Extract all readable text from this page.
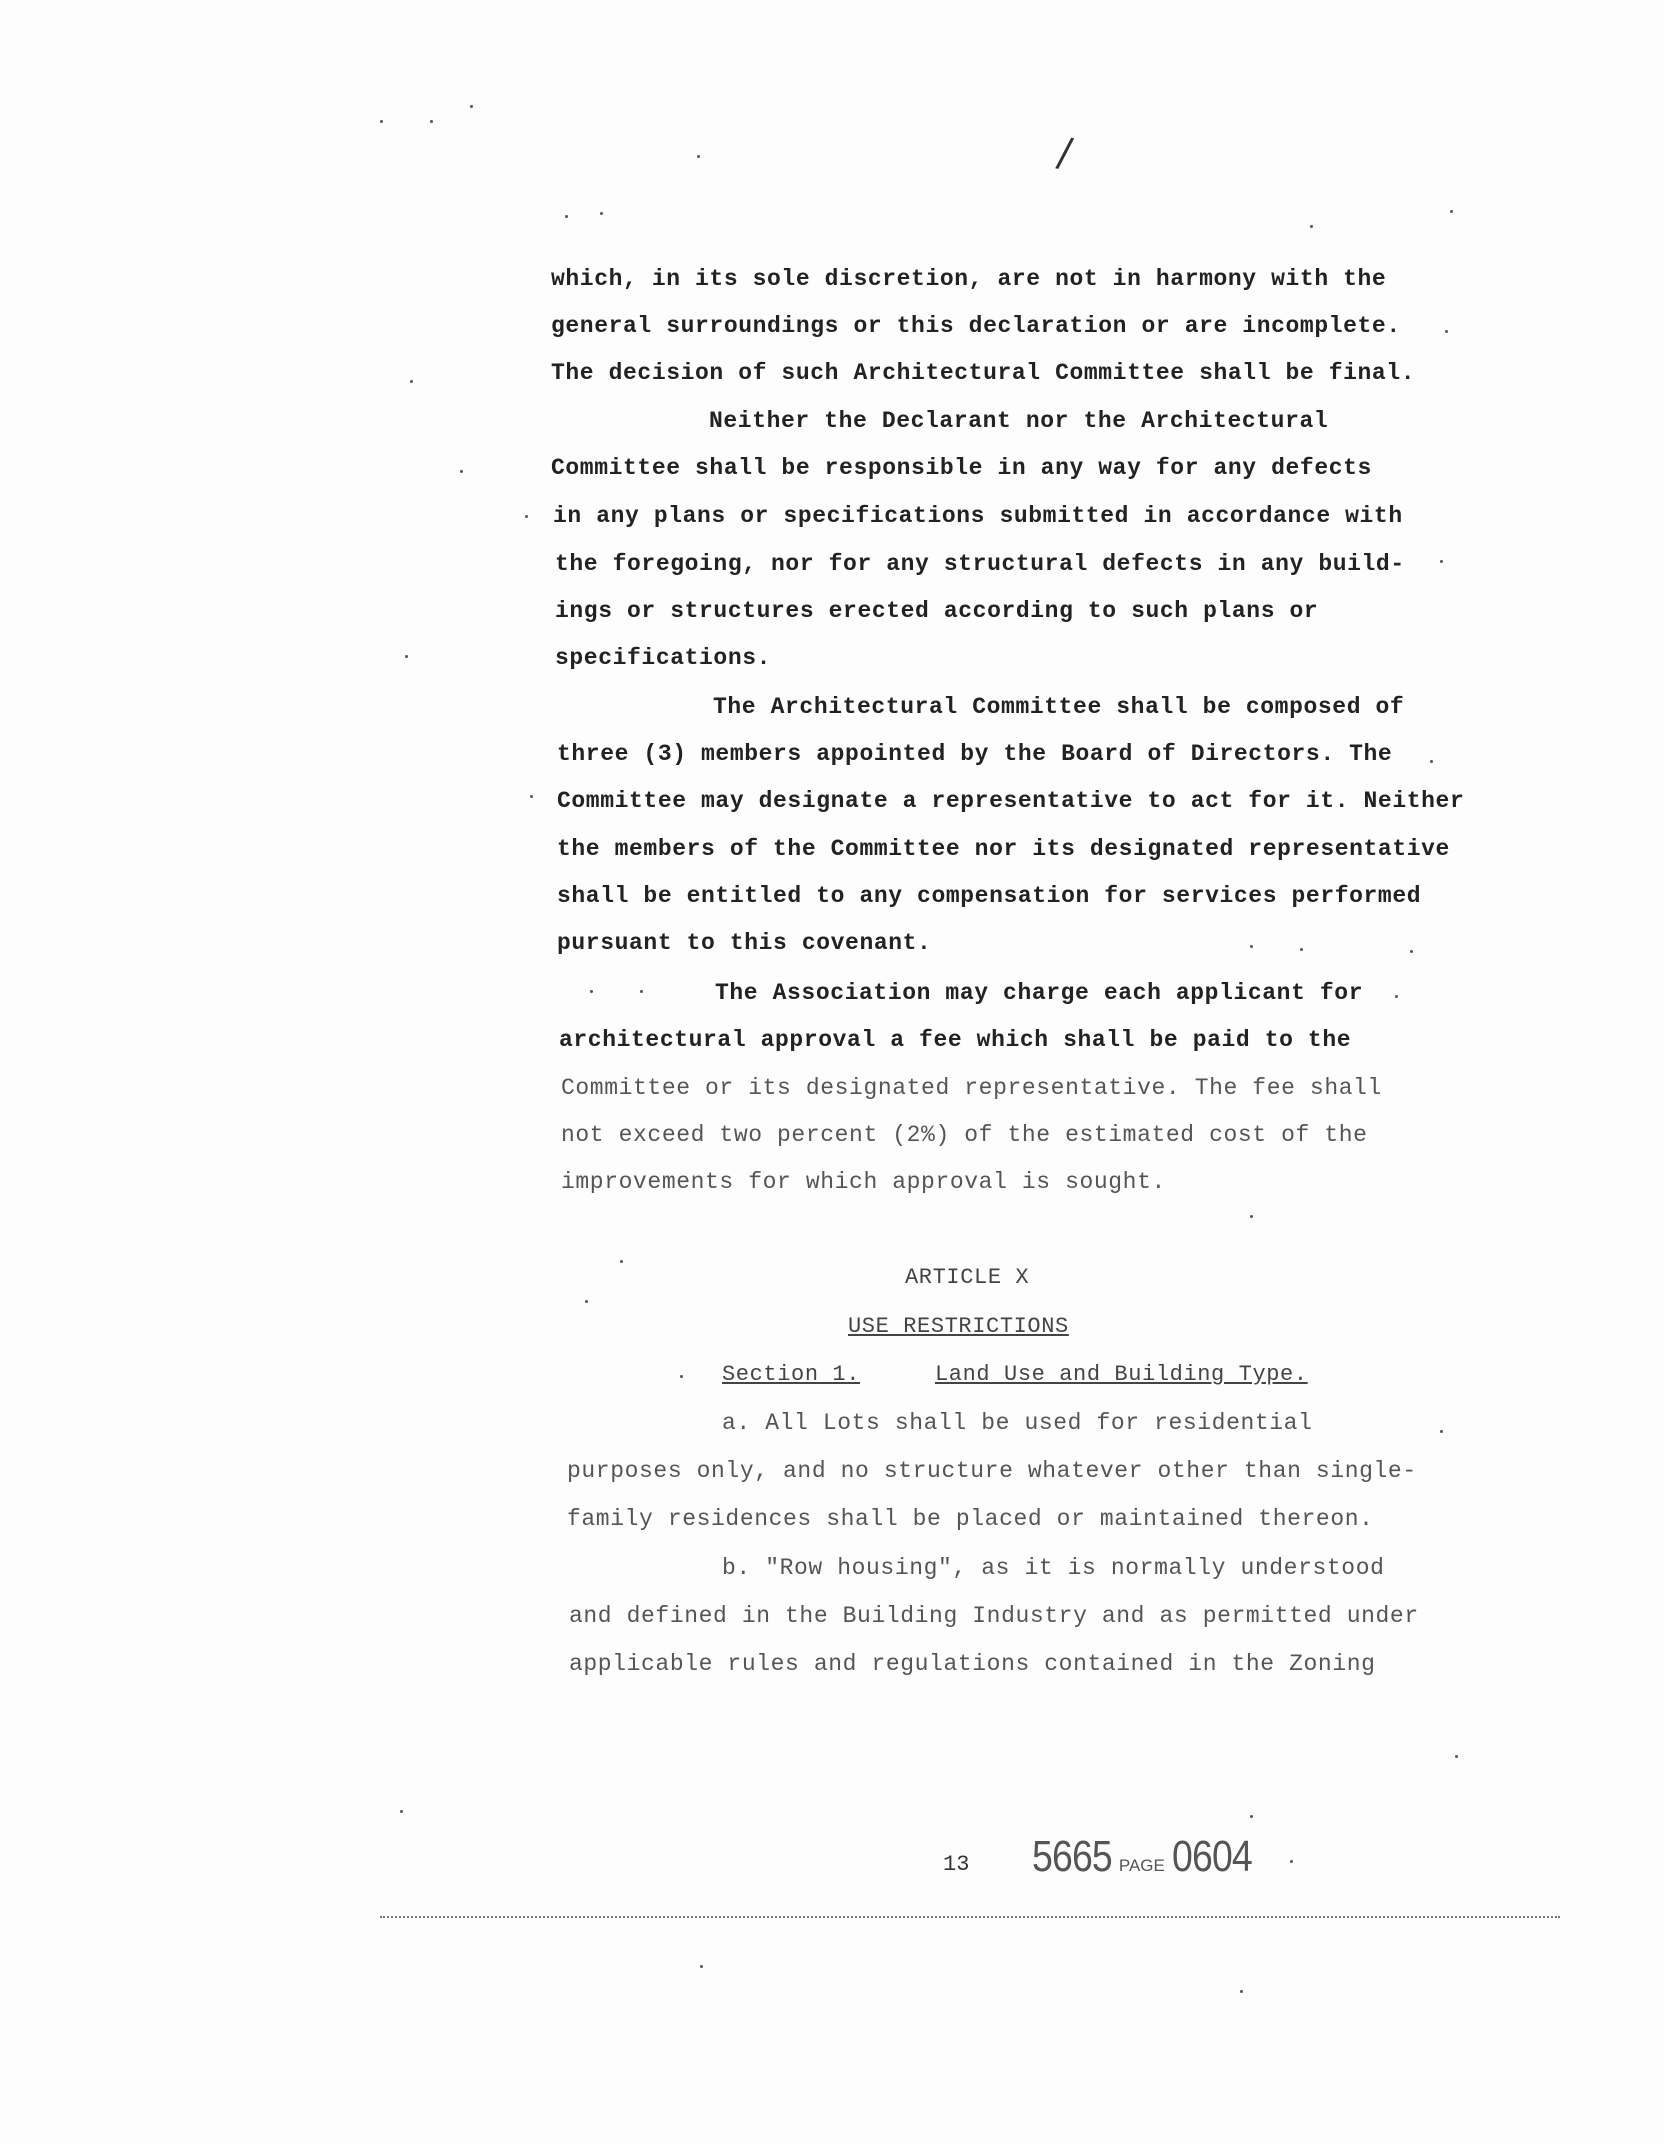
/
which, in its sole discretion, are not in harmony with the
general surroundings or this declaration or are incomplete.
The decision of such Architectural Committee shall be final.
Neither the Declarant nor the Architectural
Committee shall be responsible in any way for any defects
in any plans or specifications submitted in accordance with
the foregoing, nor for any structural defects in any build-
ings or structures erected according to such plans or
specifications.
The Architectural Committee shall be composed of
three (3) members appointed by the Board of Directors. The
Committee may designate a representative to act for it. Neither
the members of the Committee nor its designated representative
shall be entitled to any compensation for services performed
pursuant to this covenant.
The Association may charge each applicant for
architectural approval a fee which shall be paid to the
Committee or its designated representative. The fee shall
not exceed two percent (2%) of the estimated cost of the
improvements for which approval is sought.
ARTICLE X
USE RESTRICTIONS
Section 1.	Land Use and Building Type.
a. All Lots shall be used for residential
purposes only, and no structure whatever other than single-
family residences shall be placed or maintained thereon.
b. "Row housing", as it is normally understood
and defined in the Building Industry and as permitted under
applicable rules and regulations contained in the Zoning
13 5665 PAGE 0604
